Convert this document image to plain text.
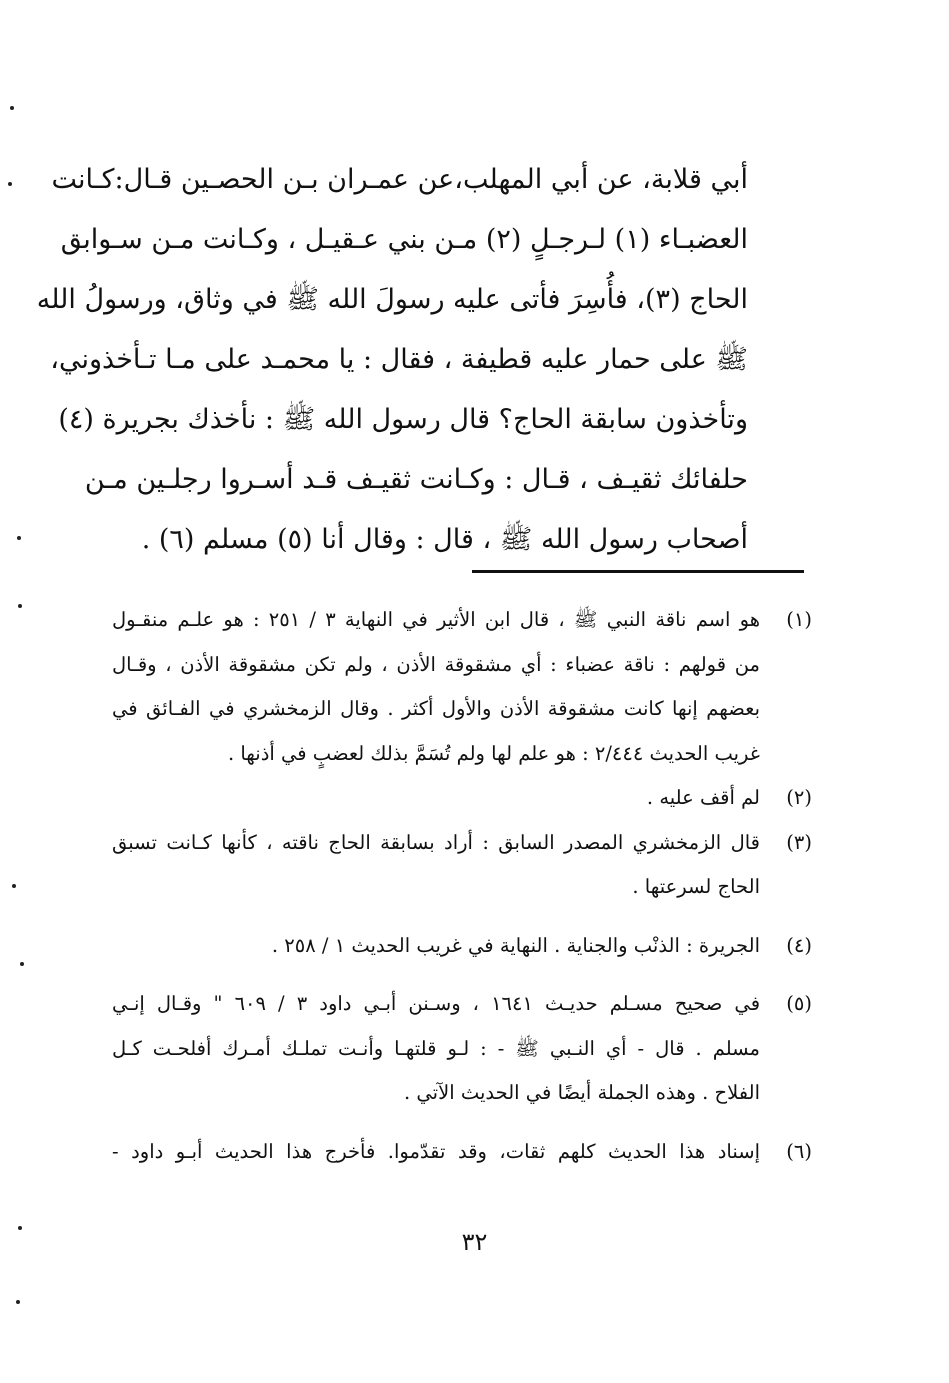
أبي قلابة، عن أبي المهلب،عن عمـران بـن الحصـين قـال:كـانت
العضبـاء (١) لـرجـلٍ (٢) مـن بني عـقيـل ، وكـانت مـن سـوابق
الحاج (٣)، فأُسِرَ فأتى عليه رسولَ الله ﷺ في وثاق، ورسولُ الله
ﷺ على حمار عليه قطيفة ، فقال : يا محمـد على مـا تـأخذوني،
وتأخذون سابقة الحاج؟ قال رسول الله ﷺ : نأخذك بجريرة (٤)
حلفائك ثقيـف ، قـال : وكـانت ثقيـف قـد أسـروا رجلـين مـن
أصحاب رسول الله ﷺ ، قال : وقال أنا (٥) مسلم (٦) .
(١)
هو اسم ناقة النبي ﷺ ، قال ابن الأثير في النهاية ٣ / ٢٥١ : هو علـم منقـول
من قولهم : ناقة عضباء : أي مشقوقة الأذن ، ولم تكن مشقوقة الأذن ، وقـال
بعضهم إنها كانت مشقوقة الأذن والأول أكثر . وقال الزمخشري في الفـائق في
غريب الحديث ٢/٤٤٤ : هو علم لها ولم تُسَمَّ بذلك لعضبٍ في أذنها .
(٢)
لم أقف عليه .
(٣)
قال الزمخشري المصدر السابق : أراد بسابقة الحاج ناقته ، كأنها كـانت تسبق
الحاج لسرعتها .
(٤)
الجريرة : الذنْب والجناية . النهاية في غريب الحديث ١ / ٢٥٨ .
(٥)
في صحيح مسـلم حديـث ١٦٤١ ، وسـنن أبـي داود ٣ / ٦٠٩ " وقـال إنـي
مسلم . قال - أي النـبي ﷺ - : لـو قلتهـا وأنـت تملـك أمـرك أفلحـت كـل
الفلاح . وهذه الجملة أيضًا في الحديث الآتي .
(٦)
إسناد هذا الحديث كلهم ثقات، وقد تقدّموا. فأخرج هذا الحديث أبـو داود -
٣٢
